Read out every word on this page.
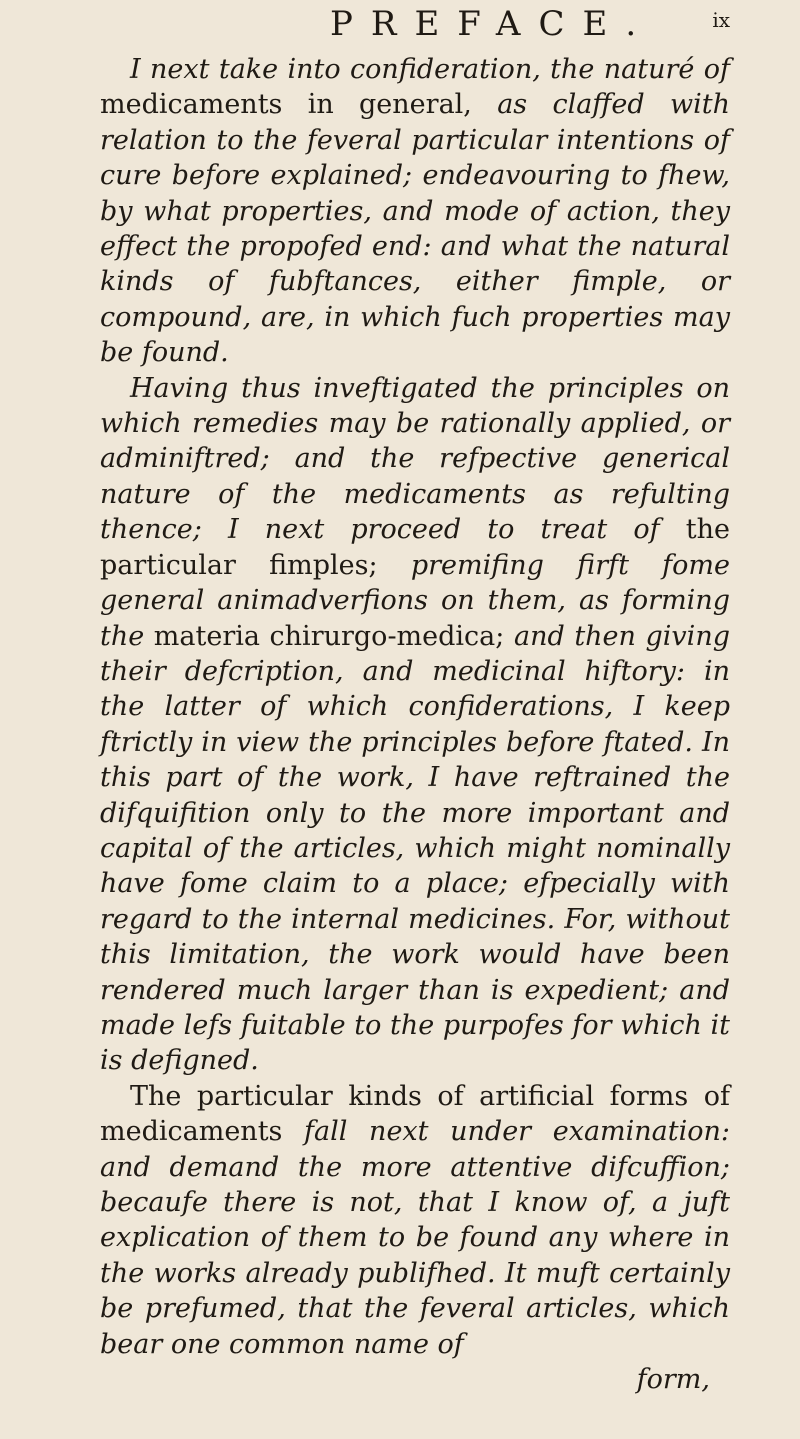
PREFACE.	ix

I next take into confideration, the naturé of medicaments in general, as claffed with relation to the feveral particular intentions of cure before explained; endeavouring to fhew, by what properties, and mode of action, they effect the propofed end: and what the natural kinds of fubftances, either fimple, or compound, are, in which fuch properties may be found.

Having thus inveftigated the principles on which remedies may be rationally applied, or adminiftred; and the refpective generical nature of the medicaments as refulting thence; I next proceed to treat of the particular fimples; premifing firft fome general animadverfions on them, as forming the materia chirurgo-medica; and then giving their defcription, and medicinal hiftory: in the latter of which confiderations, I keep ftrictly in view the principles before ftated. In this part of the work, I have reftrained the difquifition only to the more important and capital of the articles, which might nominally have fome claim to a place; efpecially with regard to the internal medicines. For, without this limitation, the work would have been rendered much larger than is expedient; and made lefs fuitable to the purpofes for which it is defigned.

The particular kinds of artificial forms of medicaments fall next under examination: and demand the more attentive difcuffion; becaufe there is not, that I know of, a juft explication of them to be found any where in the works already publifhed. It muft certainly be prefumed, that the feveral articles, which bear one common name of

form,
